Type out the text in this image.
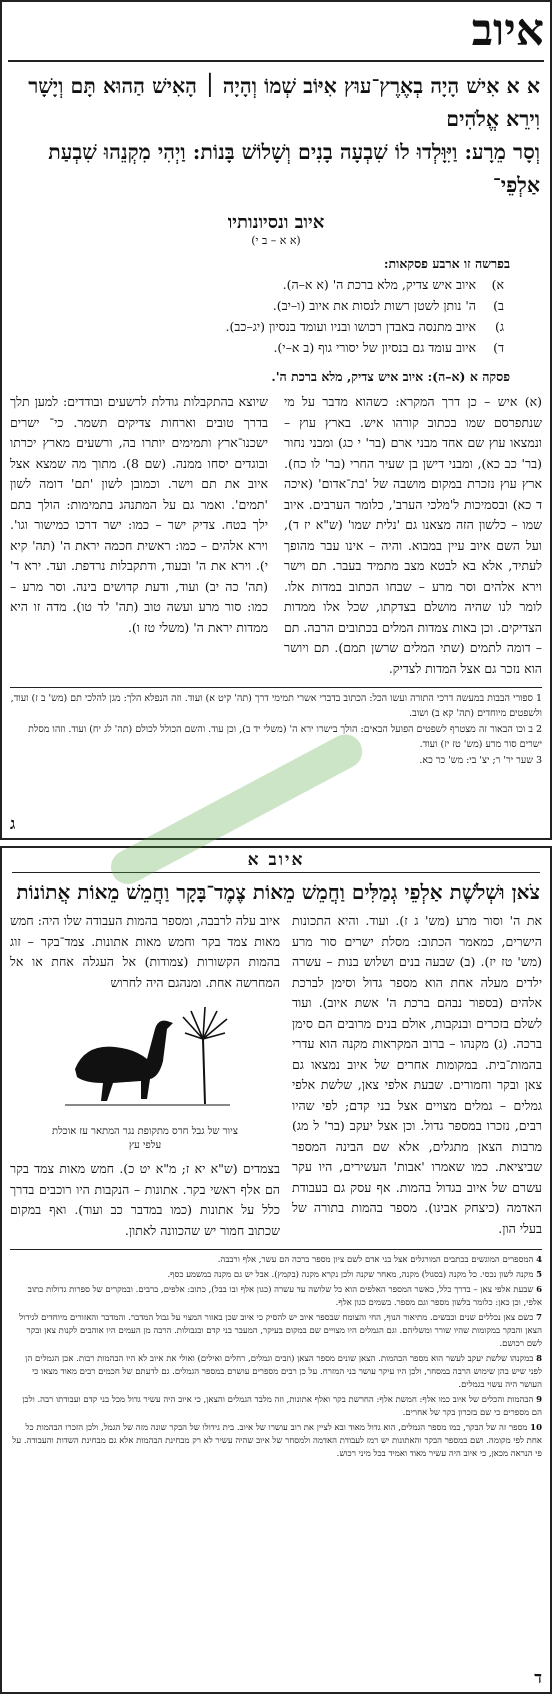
איוב
א א אִישׁ הָיָה בְאֶרֶץ־עוּץ אִיּוֹב שְׁמוֹ וְהָיָה ׀ הָאִישׁ הַהוּא תָּם וְיָשָׁר וִירֵא אֱלֹהִים
וְסָר מֵרָע: וַיִּוָּלְדוּ לוֹ שִׁבְעָה בָנִים וְשָׁלוֹשׁ בָּנוֹת: וַיְהִי מִקְנֵהוּ שִׁבְעַת אַלְפֵי־
איוב ונסיונותיו
(א א – ב י)
בפרשה זו ארבע פסקאות:
א)
איוב איש צדיק, מלא ברכת ה' (א א–ה).
ב)
ה' נותן לשטן רשות לנסות את איוב (ו–יב).
ג)
איוב מתנסה באבדן רכושו ובניו ועומד בנסיון (יג–כב).
ד)
איוב עומד גם בנסיון של יסורי גוף (ב א–י).
פסקה א (א–ה): איוב איש צדיק, מלא ברכת ה'.
(א) איש – כן דרך המקרא: כשהוא מדבר על מי שנתפרסם שמו בכתוב קורהו איש. בארץ עוץ – ונמצאו עוץ שם אחד מבני ארם (בר' י כג) ומבני נחור (בר' כב כא), ומבני דישן בן שעיר החרי (בר' לו כח). ארץ עוץ נזכרת במקום מושבה של 'בת־אדום' (איכה ד כא) ובסמיכות ל'מלכי הערב', כלומר הערבים. איוב שמו – כלשון הזה מצאנו גם 'נלית שמו' (ש"א יז ד), ועל השם איוב עיין במבוא. והיה – אינו עבר מהופך לעתיד, אלא בא לבטא מצב מתמיד בעבר. תם וישר וירא אלהים וסר מרע – שבחו הכתוב במדות אלו. לומר לנו שהיה מושלם בצדקתו, שכל אלו ממדות הצדיקים. וכן באות צמדות המלים בכתובים הרבה. תם – דומה לתמים (שתי המלים שרשן תמם). תם ויושר הוא נזכר גם אצל המדות לצדיק.
שיוצא בהתקבלות גודלת לרשעים ובודדים: למען תלך בדרך טובים וארחות צדיקים תשמר. כי־ ישרים ישכנו־ארץ ותמימים יותרו בה, ורשעים מארץ יכרתו ובוגדים יסחו ממנה. (שם 8). מתוך מה שמצא אצל איוב את תם וישר. וכמובן לשון 'תם' דומה לשון 'תמים'. ואמר גם על המתנהג בתמימות: הולך בתם ילך בטח. צדיק ישר – כמו: ישר דרכו כמישור וגו'. וירא אלהים – כמו: ראשית חכמה יראת ה' (תה' קיא י). וירא את ה' ובעוד, ודתקבלות נרדפת. ועד. ירא ד' (תה' כה יב) ועוד, ודעת קדושים בינה. וסר מרע – כמו: סור מרע ועשה טוב (תה' לד טו). מדה זו היא ממדות יראת ה' (משלי טז ו).

1 ספורי הבבות במעשה דרכי התורה ועשו הכל: הכתוב בדברי אשרי תמימי דרך (תה' קיט א) ועוד. וזה הנפלא הלך: מגן להלכי תם (מש' ב ז) ועוד, ולשפטים מיוחדים (תה' קא ב) ושוב.

2 ב וכו הבאור זה מצטרף לשפטים הפועל הבאים: הולך בישרו ירא ה' (משלי יד ב), וכן עוד. והשם הכולל לכולם (תה' לג יח) ועוד. וזהו מסלת ישרים סור מרע (מש' טז יז) ועוד.

3 שער יר' ר; יצ' בי: מש' כר כא.

ג
איוב א
צֹאן וּשְׁלֹשֶׁת אַלְפֵי גְמַלִּים וַחֲמֵשׁ מֵאוֹת צֶמֶד־בָּקָר וַחֲמֵשׁ מֵאוֹת אֲתוֹנוֹת
את ה' וסור מרע (מש' ג ז). ועוד. והיא התכונות הישרים, כמאמר הכתוב: מסלת ישרים סור מרע (מש' טז יז). (ב) שבעה בנים ושלוש בנות – עשרה ילדים מעלה אחת הוא מספר גדול וסימן לברכת אלהים (בספור נבהם ברכת ה' אשת איוב). ועוד לשלם בזכרים ובנקבות, אולם בנים מרובים הם סימן ברכה. (ג) מקנהו – ברוב המקראות מקנה הוא עדרי בהמות־בית. במקומות אחרים של איוב נמצאו גם צאן ובקר וחמורים. שבעת אלפי צאן, שלשת אלפי גמלים – גמלים מצויים אצל בני קדם; לפי שהיו רבים, נזכרו במספר גדול. וכן אצל יעקב (בר' ל מג) מרבות הצאן מתגלים, אלא שם הבינה המספר שביציאת. כמו שאמרו 'אבות' העשירים, היו עקר עשרם של איוב בגדול בהמות. אף עסק גם בעבודת האדמה (כיצחק אבינו). מספר בהמות בתורה של בעלי הון.
איוב עלה לרבבה, ומספר בהמות העבודה שלו היה: חמש מאות צמד בקר וחמש מאות אתונות. צמד־בקר – זוג בהמות הקשורות (צמודות) אל העגלה אחת או אל המחרשה אחת. ומנהגם היה לחרוש
ציור של גבל חרס מתקופת נגר המתאר עז אוכלת עלפי עץ
בצמדים (ש"א יא ז; מ"א יט כ). חמש מאות צמד בקר הם אלף ראשי בקר. אתונות – הנקבות היו רוכבים בדרך כלל על אתונות (כמו במדבר כב ועוד). ואף במקום שכתוב חמור יש שהכוונה לאתון.

4 המספרים המוגשים בכתבים המורגלים אצל בני אדם לשם ציון מספר ברכה הם עשר, אלף ורבבה.

5 מקנה לשון נכסי. כל מקנה (בסגול) מקנה, מאחר שקנה ולכן נקרא מקנה (בקמץ). אבל יש גם מקנה במשמע כסף.

6 שבעת אלפי צאן – בדרך כלל, כאשר המספר האלפים הוא כל שלושה עד עשרה (כגון אלף ובו בבל), כתוב: אלפים, ברבים. ובמקרים של ספרות גדולות כתוב אלפי, וכן כאן: כלומר בלשון מספר וגם מספר. בשמים כגון אלף.

7 כשם צאן נכללים שנים וכבשים. מתיאור הנוף, החי והצומח שבספר איוב יש להסיק כי איוב שכן באזור המצוי על גבול המדבר. והמדבר והאזורים מיוחדים לגידול הצאן והבקר במקומות שהיו שורר ומשליהם. וגם הגמלים היו מצויים שם במקום בעיקר, המעבר בני קדם ובגבולות. הרבה מן העמים היו אוהבים לקנות צאן ובקר לשם רכושם.

8 במקנהו שלשת יעקב לעשר הוא מספר הבהמות. הצאן שונים מספר הצאן (וזבים וגמלים, רחלים ואילים) ואולי את איוב לא היו הבהמות רבות. אכן הגמלים הן לפני שיש בהן שימוש הרבה במסחר, ולכן היו עיקר עושר בני המזרח. על כן רבים מספרים עושרם במספר הגמלים. גם לדעתם של חכמים רבים מאוד מצאו כי העושר היה עשוי בגמלים.

9 הבהמות והכלים של איוב כמו אלף: חמשת אלף: החרשת בקר ואלף אתונות, וזה מלבד הגמלים והצאן, כי איוב היה עשיר גדול מכל בני קדם ועבודתו רבה. ולכן הם מספרים כי שם בזכרון בקר של אחרים.

10 מספר זה של הבקר, כמו מספר הגמלים, הוא גדול מאוד ובא לציין את רוב עושרו של איוב. בית גידולו של הבקר שונה מזה של הגמל, ולכן הזכרו הבהמות כל אחת לפי מקומה. ושם במספר הבקר והאתונות יש רמז לעבודת האדמה ולמסחר של איוב שהיה עשיר לא רק מבחינת הבהמות אלא גם מבחינת השדות והעבודה. על פי הנראה מכאן, כי איוב היה עשיר מאוד ואמיד בכל מיני רכוש.

ד
